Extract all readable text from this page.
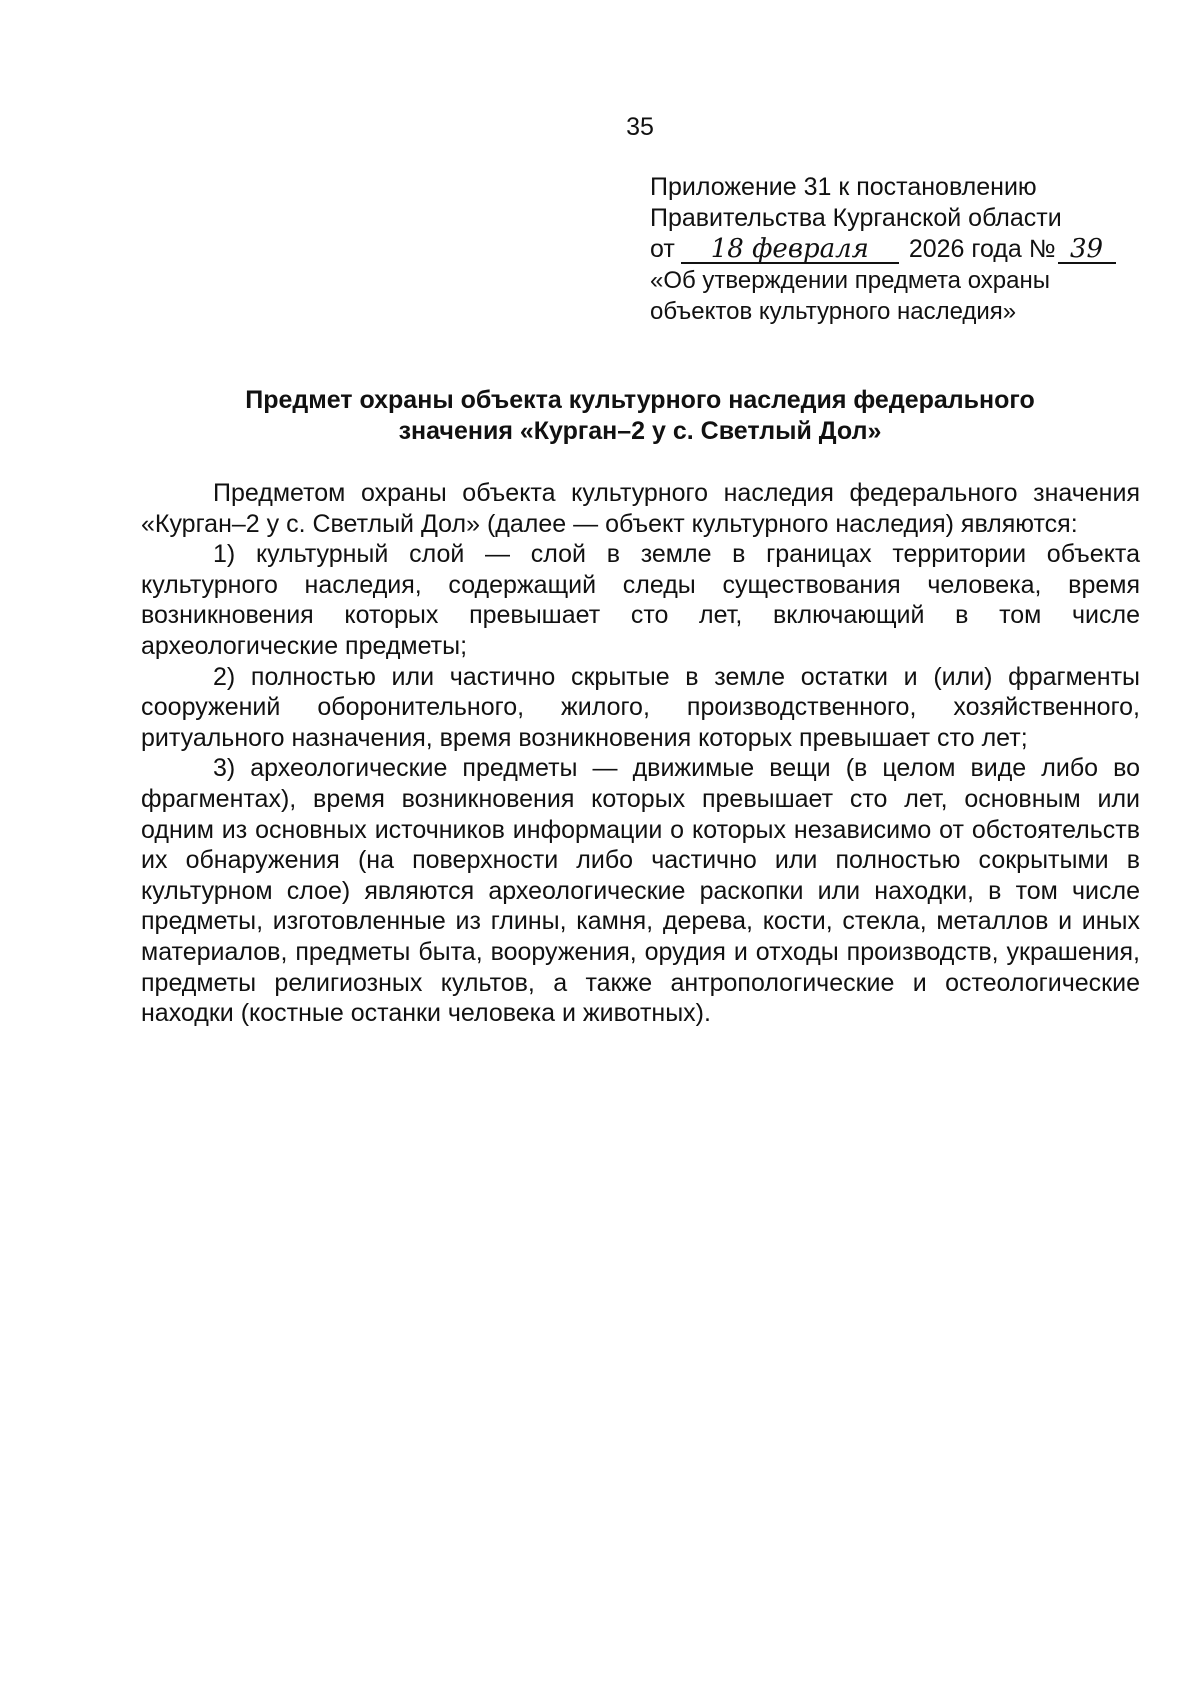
35
Приложение 31 к постановлению
Правительства Курганской области
от 18 февраля 2026 года № 39
«Об утверждении предмета охраны
объектов культурного наследия»
Предмет охраны объекта культурного наследия федерального
значения «Курган–2 у с. Светлый Дол»

Предметом охраны объекта культурного наследия федерального значения «Курган–2 у с. Светлый Дол» (далее — объект культурного наследия) являются:

1) культурный слой — слой в земле в границах территории объекта культурного наследия, содержащий следы существования человека, время возникновения которых превышает сто лет, включающий в том числе археологические предметы;

2) полностью или частично скрытые в земле остатки и (или) фрагменты сооружений оборонительного, жилого, производственного, хозяйственного, ритуального назначения, время возникновения которых превышает сто лет;

3) археологические предметы — движимые вещи (в целом виде либо во фрагментах), время возникновения которых превышает сто лет, основным или одним из основных источников информации о которых независимо от обстоятельств их обнаружения (на поверхности либо частично или полностью сокрытыми в культурном слое) являются археологические раскопки или находки, в том числе предметы, изготовленные из глины, камня, дерева, кости, стекла, металлов и иных материалов, предметы быта, вооружения, орудия и отходы производств, украшения, предметы религиозных культов, а также антропологические и остеологические находки (костные останки человека и животных).
